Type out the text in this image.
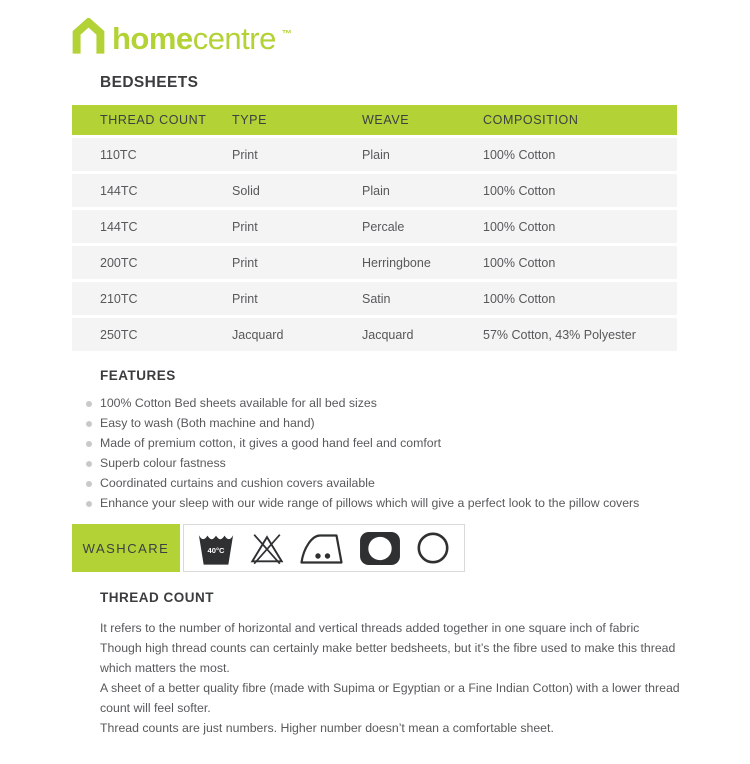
home centre ™
BEDSHEETS
THREAD COUNT	TYPE	WEAVE	COMPOSITION
110TC	Print	Plain	100% Cotton
144TC	Solid	Plain	100% Cotton
144TC	Print	Percale	100% Cotton
200TC	Print	Herringbone	100% Cotton
210TC	Print	Satin	100% Cotton
250TC	Jacquard	Jacquard	57% Cotton, 43% Polyester
FEATURES
100% Cotton Bed sheets available for all bed sizes
Easy to wash (Both machine and hand)
Made of premium cotton, it gives a good hand feel and comfort
Superb colour fastness
Coordinated curtains and cushion covers available
Enhance your sleep with our wide range of pillows which will give a perfect look to the pillow covers
WASHCARE	40°C
THREAD COUNT

It refers to the number of horizontal and vertical threads added together in one square inch of fabric

Though high thread counts can certainly make better bedsheets, but it’s the fibre used to make this thread which matters the most.

A sheet of a better quality fibre (made with Supima or Egyptian or a Fine Indian Cotton) with a lower thread count will feel softer.

Thread counts are just numbers. Higher number doesn’t mean a comfortable sheet.
